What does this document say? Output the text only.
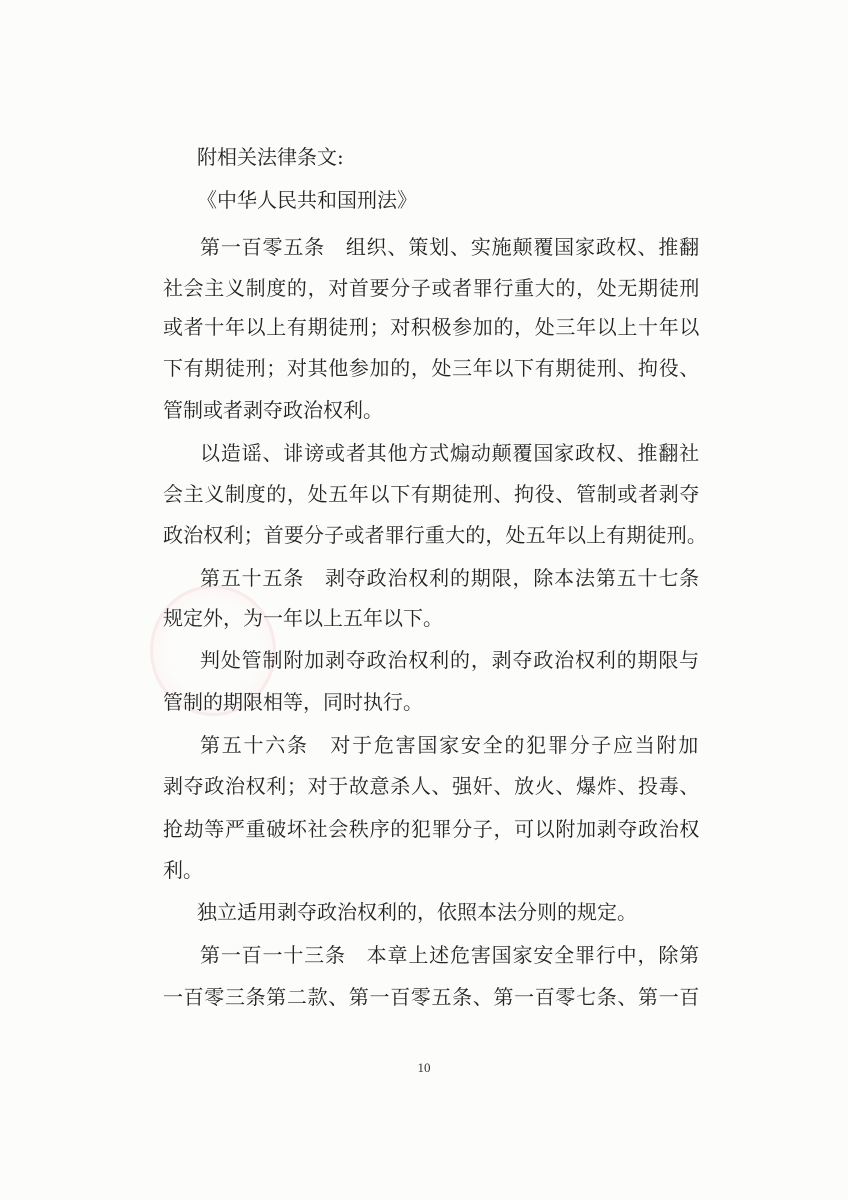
附相关法律条文:
《中华人民共和国刑法》
第一百零五条　组织、策划、实施颠覆国家政权、推翻
社会主义制度的，对首要分子或者罪行重大的，处无期徒刑
或者十年以上有期徒刑；对积极参加的，处三年以上十年以
下有期徒刑；对其他参加的，处三年以下有期徒刑、拘役、
管制或者剥夺政治权利。
以造谣、诽谤或者其他方式煽动颠覆国家政权、推翻社
会主义制度的，处五年以下有期徒刑、拘役、管制或者剥夺
政治权利；首要分子或者罪行重大的，处五年以上有期徒刑。
第五十五条　剥夺政治权利的期限，除本法第五十七条
规定外，为一年以上五年以下。
判处管制附加剥夺政治权利的，剥夺政治权利的期限与
管制的期限相等，同时执行。
第五十六条　对于危害国家安全的犯罪分子应当附加
剥夺政治权利；对于故意杀人、强奸、放火、爆炸、投毒、
抢劫等严重破坏社会秩序的犯罪分子，可以附加剥夺政治权
利。
独立适用剥夺政治权利的，依照本法分则的规定。
第一百一十三条　本章上述危害国家安全罪行中，除第
一百零三条第二款、第一百零五条、第一百零七条、第一百
10
